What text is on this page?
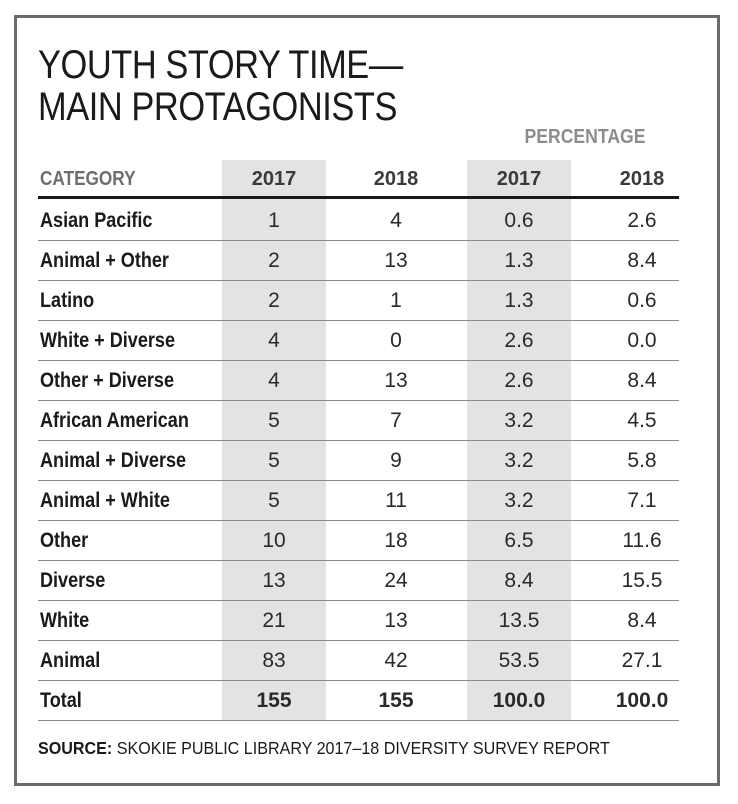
YOUTH STORY TIME—
MAIN PROTAGONISTS
PERCENTAGE
CATEGORY	2017	2018	2017	2018
Asian Pacific	1	4	0.6	2.6
Animal + Other	2	13	1.3	8.4
Latino	2	1	1.3	0.6
White + Diverse	4	0	2.6	0.0
Other + Diverse	4	13	2.6	8.4
African American	5	7	3.2	4.5
Animal + Diverse	5	9	3.2	5.8
Animal + White	5	11	3.2	7.1
Other	10	18	6.5	11.6
Diverse	13	24	8.4	15.5
White	21	13	13.5	8.4
Animal	83	42	53.5	27.1
Total	155	155	100.0	100.0
SOURCE: SKOKIE PUBLIC LIBRARY 2017–18 DIVERSITY SURVEY REPORT
